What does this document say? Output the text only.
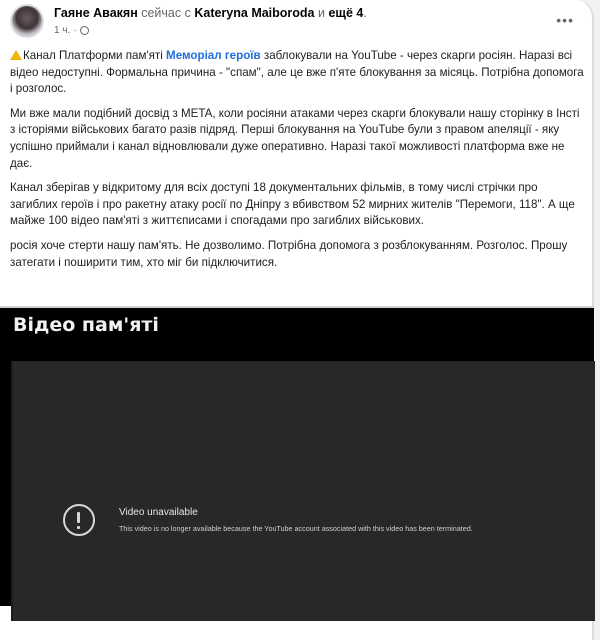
Гаяне Авакян сейчас с Kateryna Maiboroda и ещё 4.
1 ч. ·
•••

Канал Платформи пам'яті Меморіал героїв заблокували на YouTube - через скарги росіян. Наразі всі відео недоступні. Формальна причина - "спам", але це вже п'яте блокування за місяць. Потрібна допомога і розголос.

Ми вже мали подібний досвід з META, коли росіяни атаками через скарги блокували нашу сторінку в Інсті з історіями військових багато разів підряд. Перші блокування на YouTube були з правом апеляції - яку успішно приймали і канал відновлювали дуже оперативно. Наразі такої можливості платформа вже не дає.

Канал зберігав у відкритому для всіх доступі 18 документальних фільмів, в тому числі стрічки про загиблих героїв і про ракетну атаку росії по Дніпру з вбивством 52 мирних жителів "Перемоги, 118". А ще майже 100 відео пам'яті з життєписами і спогадами про загиблих військових.

росія хоче стерти нашу пам'ять. Не дозволимо. Потрібна допомога з розблокуванням. Розголос. Прошу затегати і поширити тим, хто міг би підключитися.

Відео пам'яті
Video unavailable
This video is no longer available because the YouTube account associated with this video has been terminated.
